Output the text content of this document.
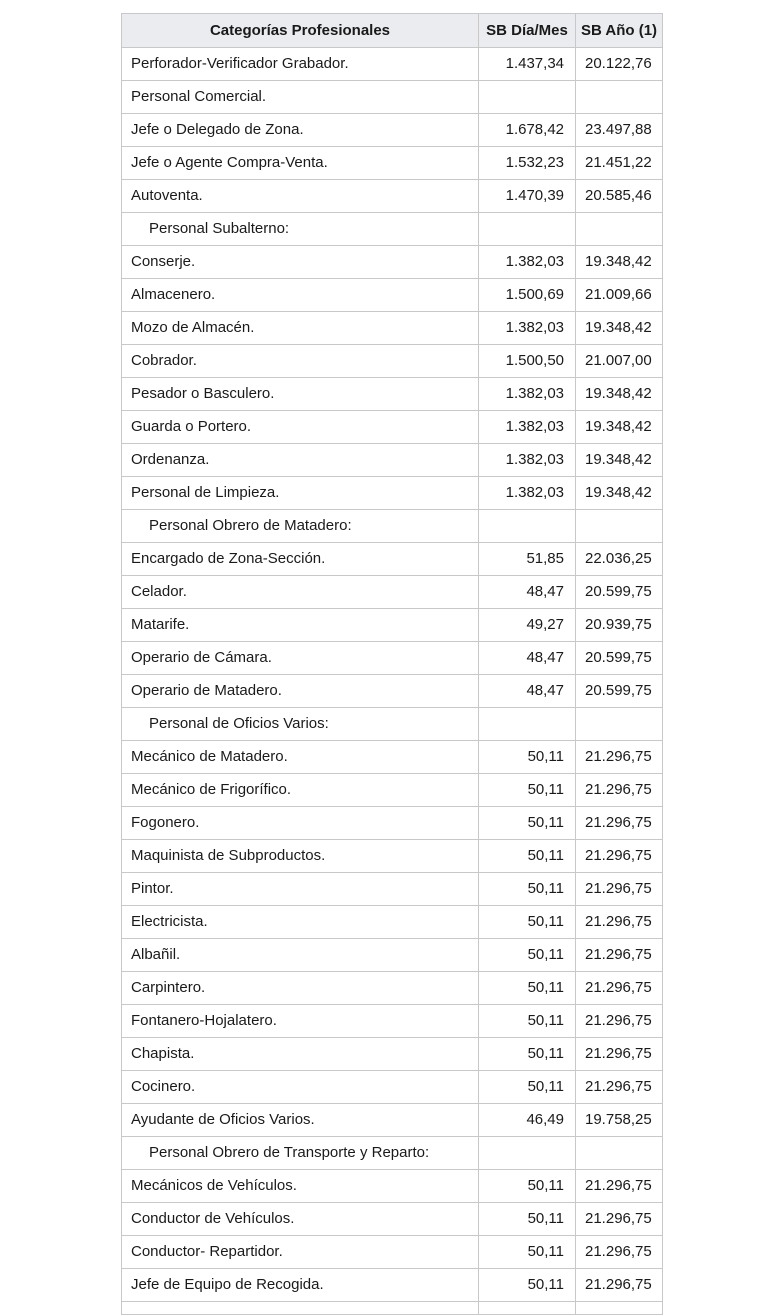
Categorías Profesionales	SB Día/Mes	SB Año (1)
Perforador-Verificador Grabador.	1.437,34	20.122,76
Personal Comercial.		
Jefe o Delegado de Zona.	1.678,42	23.497,88
Jefe o Agente Compra-Venta.	1.532,23	21.451,22
Autoventa.	1.470,39	20.585,46
Personal Subalterno:		
Conserje.	1.382,03	19.348,42
Almacenero.	1.500,69	21.009,66
Mozo de Almacén.	1.382,03	19.348,42
Cobrador.	1.500,50	21.007,00
Pesador o Basculero.	1.382,03	19.348,42
Guarda o Portero.	1.382,03	19.348,42
Ordenanza.	1.382,03	19.348,42
Personal de Limpieza.	1.382,03	19.348,42
Personal Obrero de Matadero:		
Encargado de Zona-Sección.	51,85	22.036,25
Celador.	48,47	20.599,75
Matarife.	49,27	20.939,75
Operario de Cámara.	48,47	20.599,75
Operario de Matadero.	48,47	20.599,75
Personal de Oficios Varios:		
Mecánico de Matadero.	50,11	21.296,75
Mecánico de Frigorífico.	50,11	21.296,75
Fogonero.	50,11	21.296,75
Maquinista de Subproductos.	50,11	21.296,75
Pintor.	50,11	21.296,75
Electricista.	50,11	21.296,75
Albañil.	50,11	21.296,75
Carpintero.	50,11	21.296,75
Fontanero-Hojalatero.	50,11	21.296,75
Chapista.	50,11	21.296,75
Cocinero.	50,11	21.296,75
Ayudante de Oficios Varios.	46,49	19.758,25
Personal Obrero de Transporte y Reparto:		
Mecánicos de Vehículos.	50,11	21.296,75
Conductor de Vehículos.	50,11	21.296,75
Conductor- Repartidor.	50,11	21.296,75
Jefe de Equipo de Recogida.	50,11	21.296,75
